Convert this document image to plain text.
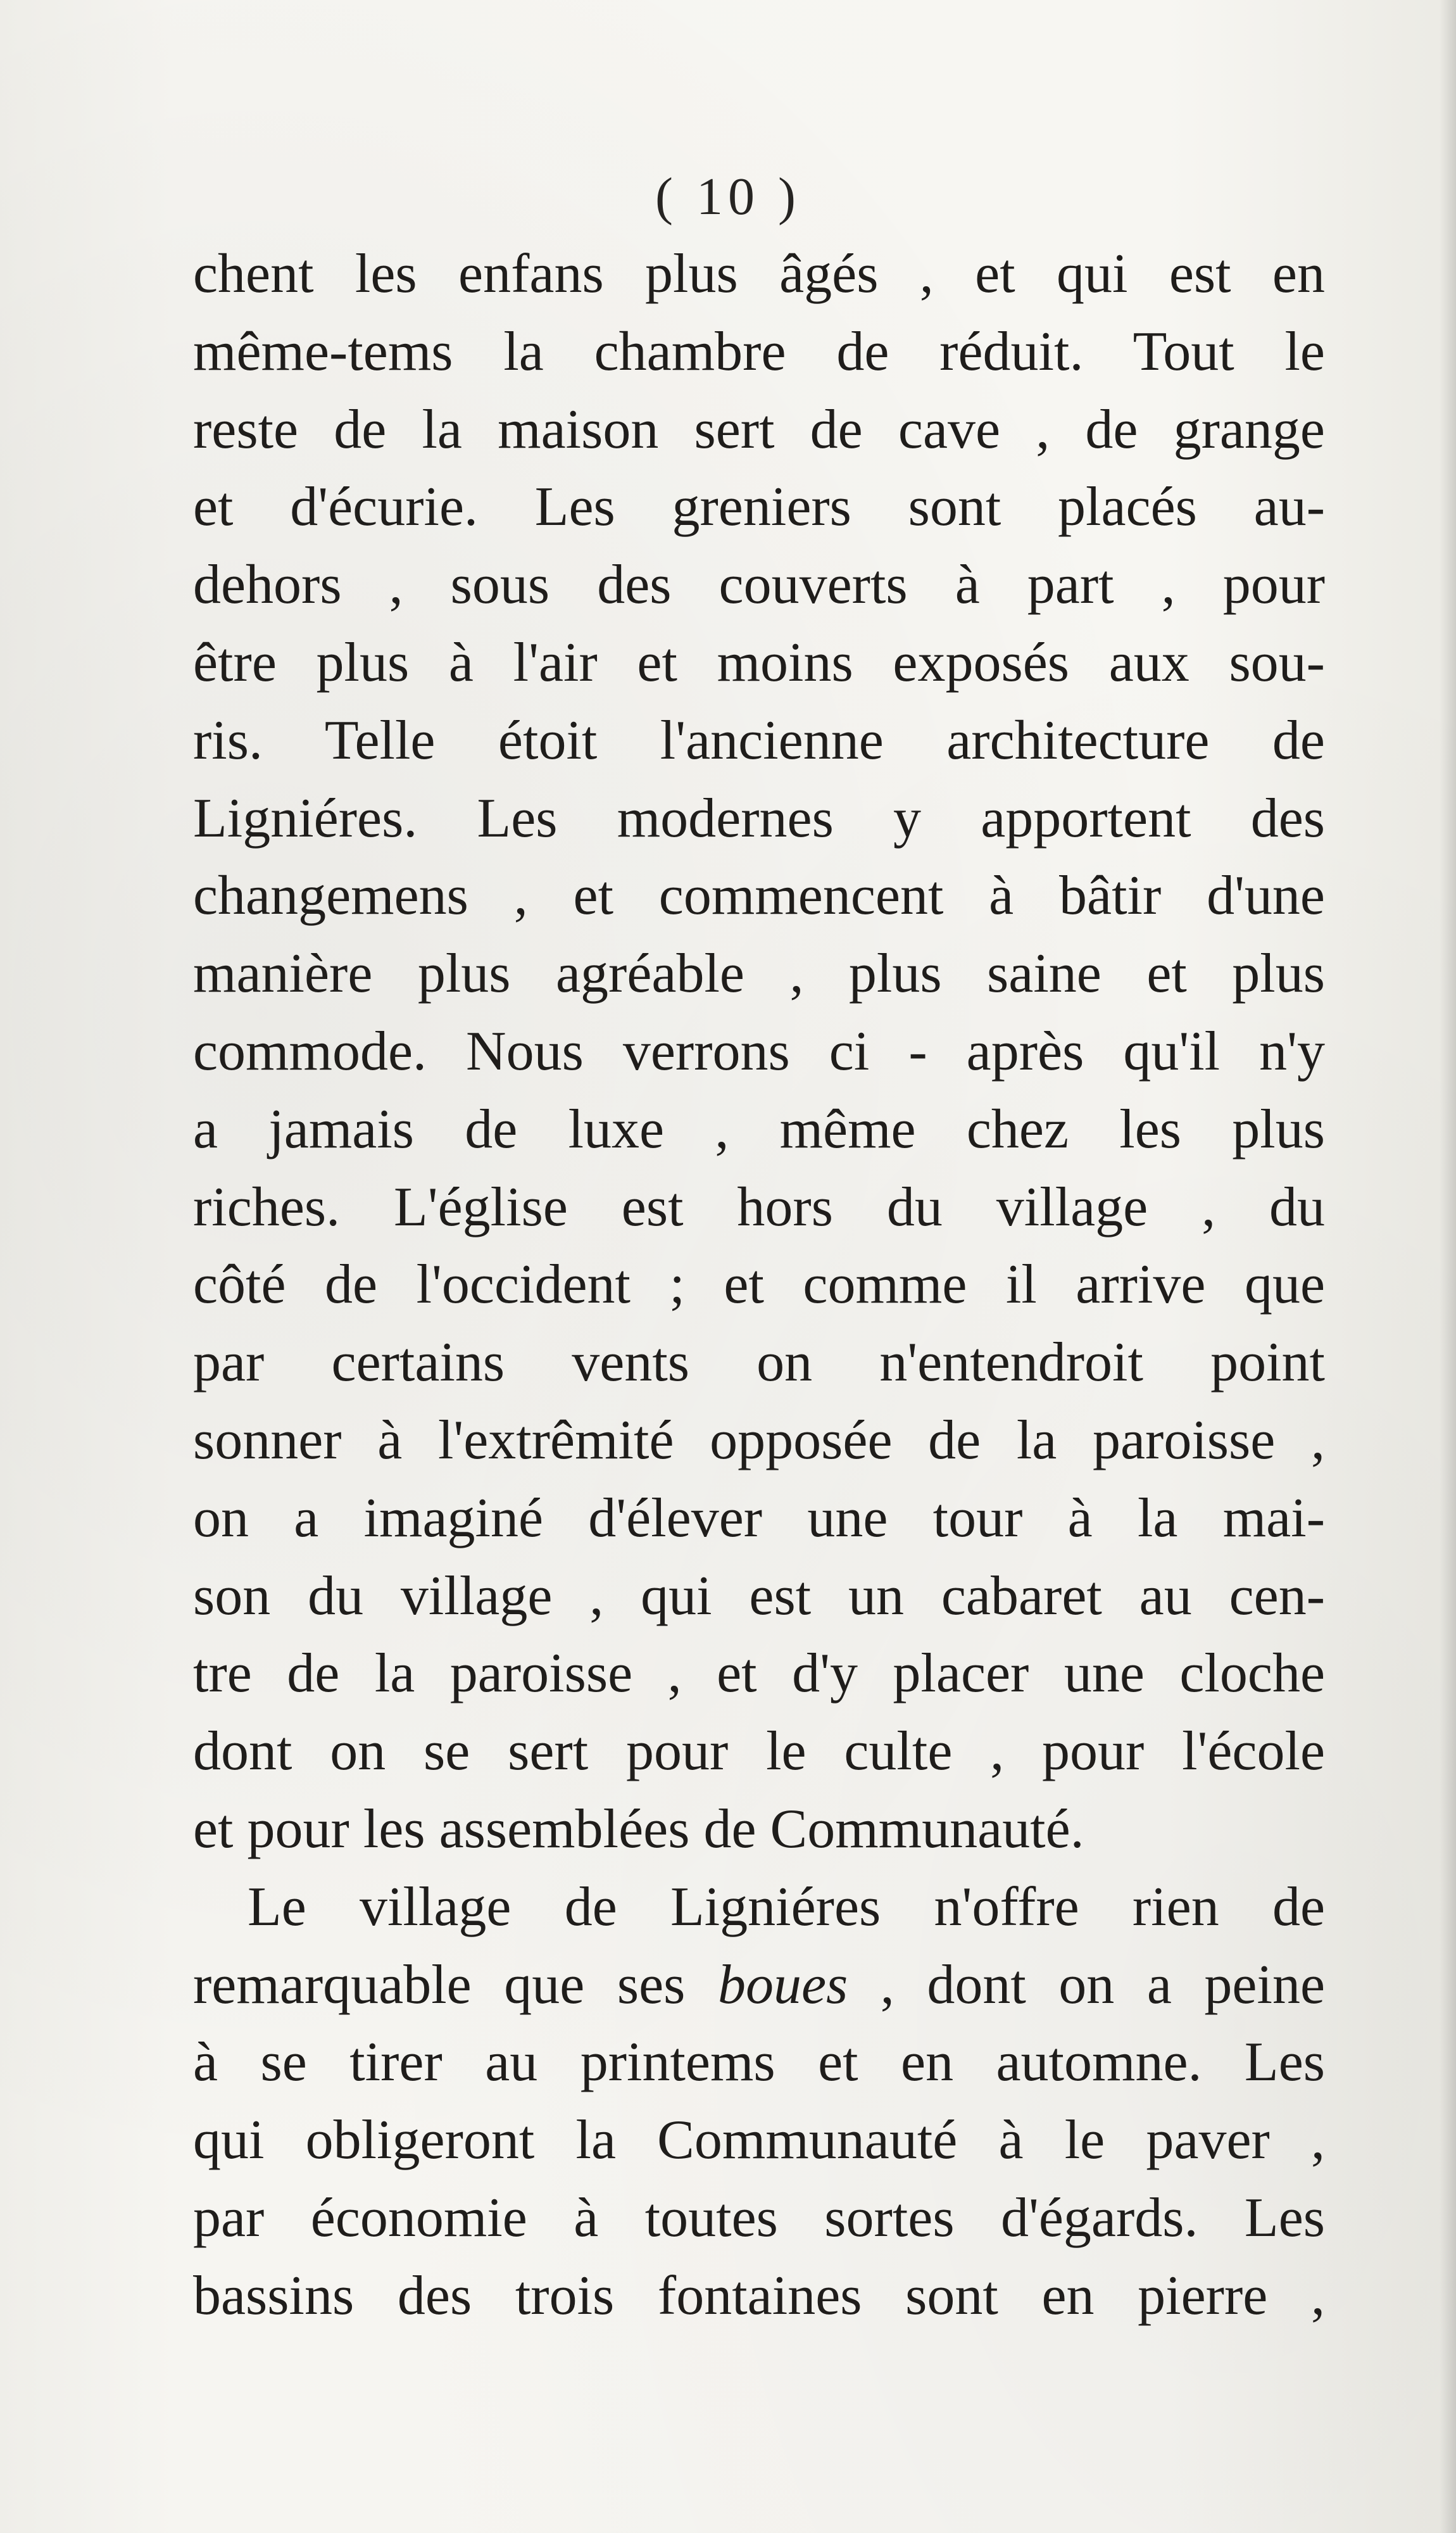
( 10 )
chent les enfans plus âgés , et qui est en
même-tems la chambre de réduit. Tout le
reste de la maison sert de cave , de grange
et d'écurie. Les greniers sont placés au-
dehors , sous des couverts à part , pour
être plus à l'air et moins exposés aux sou-
ris. Telle étoit l'ancienne architecture de
Ligniéres. Les modernes y apportent des
changemens , et commencent à bâtir d'une
manière plus agréable , plus saine et plus
commode. Nous verrons ci - après qu'il n'y
a jamais de luxe , même chez les plus
riches. L'église est hors du village , du
côté de l'occident ; et comme il arrive que
par certains vents on n'entendroit point
sonner à l'extrêmité opposée de la paroisse ,
on a imaginé d'élever une tour à la mai-
son du village , qui est un cabaret au cen-
tre de la paroisse , et d'y placer une cloche
dont on se sert pour le culte , pour l'école
et pour les assemblées de Communauté.
Le village de Ligniéres n'offre rien de
remarquable que ses boues , dont on a peine
à se tirer au printems et en automne. Les
qui obligeront la Communauté à le paver ,
par économie à toutes sortes d'égards. Les
bassins des trois fontaines sont en pierre ,
